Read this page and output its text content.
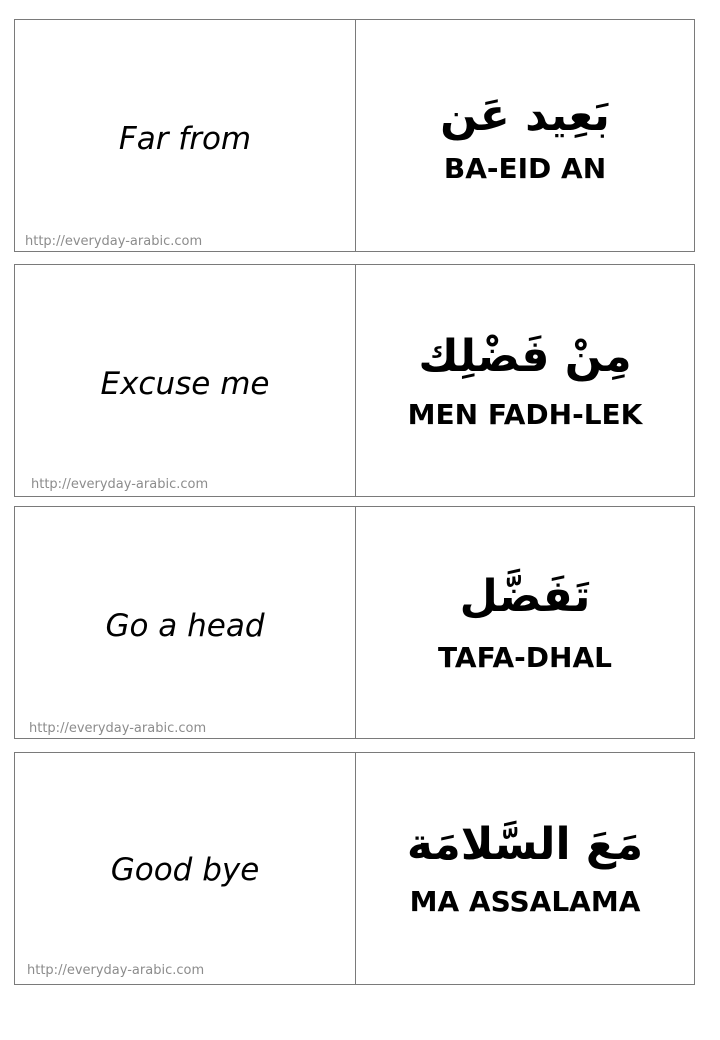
Far from
http://everyday-arabic.com
بَعِيد عَن
BA-EID AN
Excuse me
http://everyday-arabic.com
مِنْ فَضْلِك
MEN FADH-LEK
Go a head
http://everyday-arabic.com
تَفَضَّل
TAFA-DHAL
Good bye
http://everyday-arabic.com
مَعَ السَّلامَة
MA ASSALAMA
